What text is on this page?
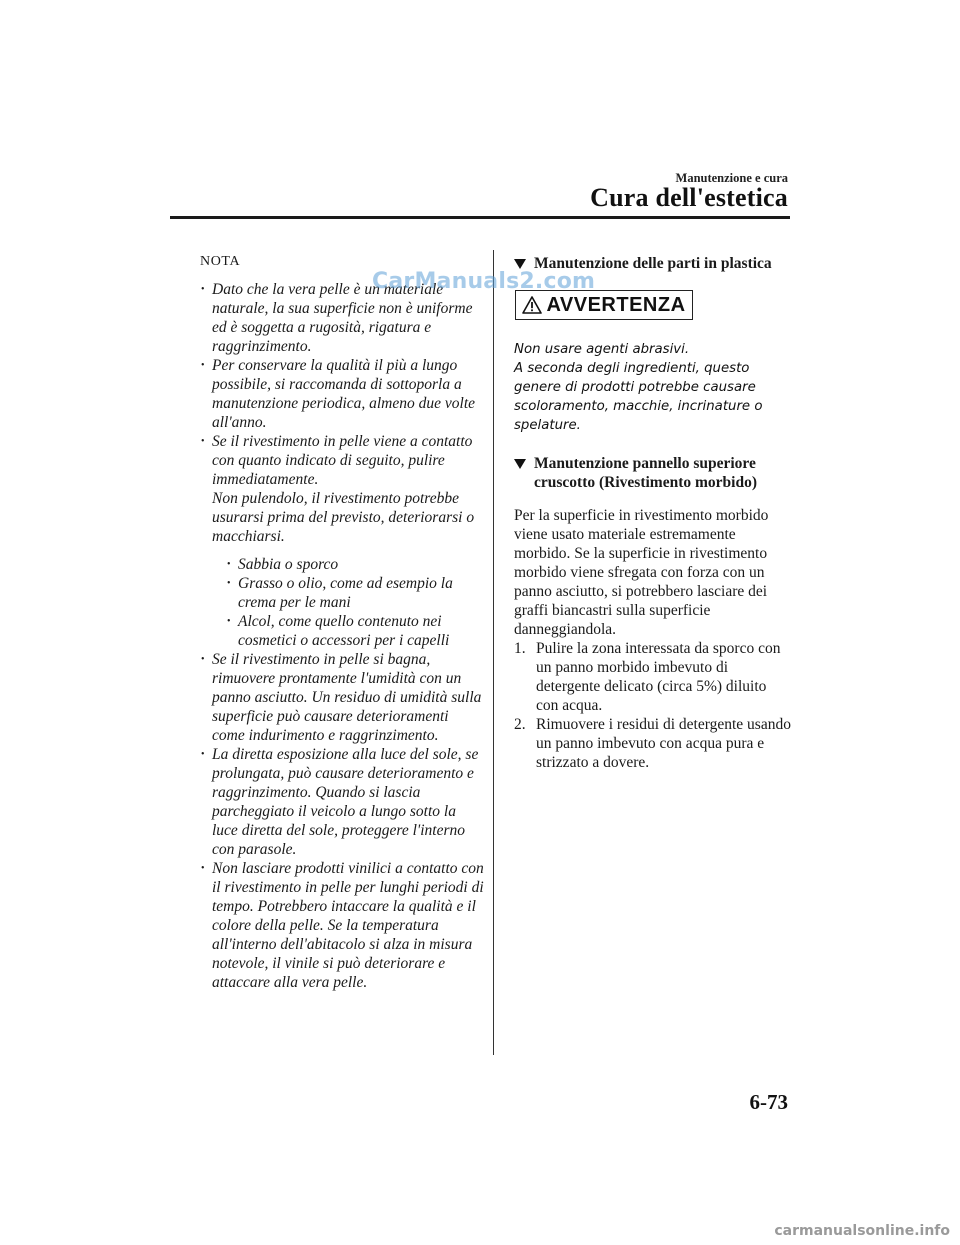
Manutenzione e cura
Cura dell'estetica
NOTA
• Dato che la vera pelle è un materiale naturale, la sua superficie non è uniforme ed è soggetta a rugosità, rigatura e raggrinzimento.
• Per conservare la qualità il più a lungo possibile, si raccomanda di sottoporla a manutenzione periodica, almeno due volte all'anno.
• Se il rivestimento in pelle viene a contatto con quanto indicato di seguito, pulire immediatamente.
Non pulendolo, il rivestimento potrebbe usurarsi prima del previsto, deteriorarsi o macchiarsi.
• Sabbia o sporco
• Grasso o olio, come ad esempio la crema per le mani
• Alcol, come quello contenuto nei cosmetici o accessori per i capelli
• Se il rivestimento in pelle si bagna, rimuovere prontamente l'umidità con un panno asciutto. Un residuo di umidità sulla superficie può causare deterioramenti come indurimento e raggrinzimento.
• La diretta esposizione alla luce del sole, se prolungata, può causare deterioramento e raggrinzimento. Quando si lascia parcheggiato il veicolo a lungo sotto la luce diretta del sole, proteggere l'interno con parasole.
• Non lasciare prodotti vinilici a contatto con il rivestimento in pelle per lunghi periodi di tempo. Potrebbero intaccare la qualità e il colore della pelle. Se la temperatura all'interno dell'abitacolo si alza in misura notevole, il vinile si può deteriorare e attaccare alla vera pelle.
Manutenzione delle parti in plastica
AVVERTENZA
Non usare agenti abrasivi.
A seconda degli ingredienti, questo genere di prodotti potrebbe causare scoloramento, macchie, incrinature o spelature.
Manutenzione pannello superiore cruscotto (Rivestimento morbido)
Per la superficie in rivestimento morbido viene usato materiale estremamente morbido. Se la superficie in rivestimento morbido viene sfregata con forza con un panno asciutto, si potrebbero lasciare dei graffi biancastri sulla superficie danneggiandola.
1. Pulire la zona interessata da sporco con un panno morbido imbevuto di detergente delicato (circa 5%) diluito con acqua.
2. Rimuovere i residui di detergente usando un panno imbevuto con acqua pura e strizzato a dovere.
CarManuals2.com
6-73
carmanualsonline.info
